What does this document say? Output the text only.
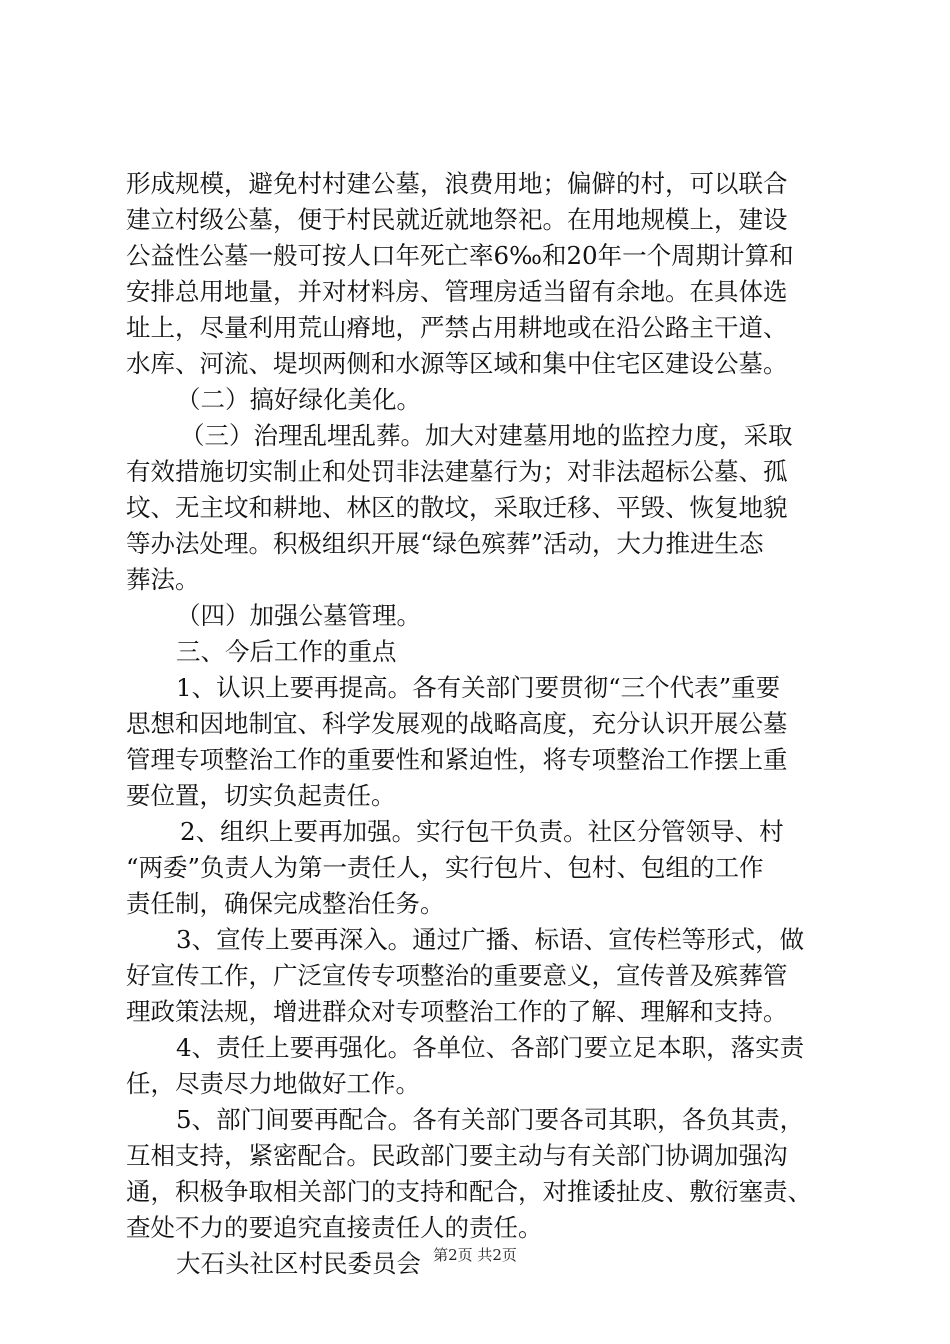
形成规模，避免村村建公墓，浪费用地；偏僻的村，可以联合
建立村级公墓，便于村民就近就地祭祀。在用地规模上，建设
公益性公墓一般可按人口年死亡率6‰和20年一个周期计算和
安排总用地量，并对材料房、管理房适当留有余地。在具体选
址上，尽量利用荒山瘠地，严禁占用耕地或在沿公路主干道、
水库、河流、堤坝两侧和水源等区域和集中住宅区建设公墓。
（二）搞好绿化美化。
（三）治理乱埋乱葬。加大对建墓用地的监控力度，采取
有效措施切实制止和处罚非法建墓行为；对非法超标公墓、孤
坟、无主坟和耕地、林区的散坟，采取迁移、平毁、恢复地貌
等办法处理。积极组织开展“绿色殡葬”活动，大力推进生态
葬法。
（四）加强公墓管理。
三、今后工作的重点
1、认识上要再提高。各有关部门要贯彻“三个代表”重要
思想和因地制宜、科学发展观的战略高度，充分认识开展公墓
管理专项整治工作的重要性和紧迫性，将专项整治工作摆上重
要位置，切实负起责任。
2、组织上要再加强。实行包干负责。社区分管领导、村
“两委”负责人为第一责任人，实行包片、包村、包组的工作
责任制，确保完成整治任务。
3、宣传上要再深入。通过广播、标语、宣传栏等形式，做
好宣传工作，广泛宣传专项整治的重要意义，宣传普及殡葬管
理政策法规，增进群众对专项整治工作的了解、理解和支持。
4、责任上要再强化。各单位、各部门要立足本职，落实责
任，尽责尽力地做好工作。
5、部门间要再配合。各有关部门要各司其职，各负其责，
互相支持，紧密配合。民政部门要主动与有关部门协调加强沟
通，积极争取相关部门的支持和配合，对推诿扯皮、敷衍塞责、
查处不力的要追究直接责任人的责任。
大石头社区村民委员会 第2页 共2页
